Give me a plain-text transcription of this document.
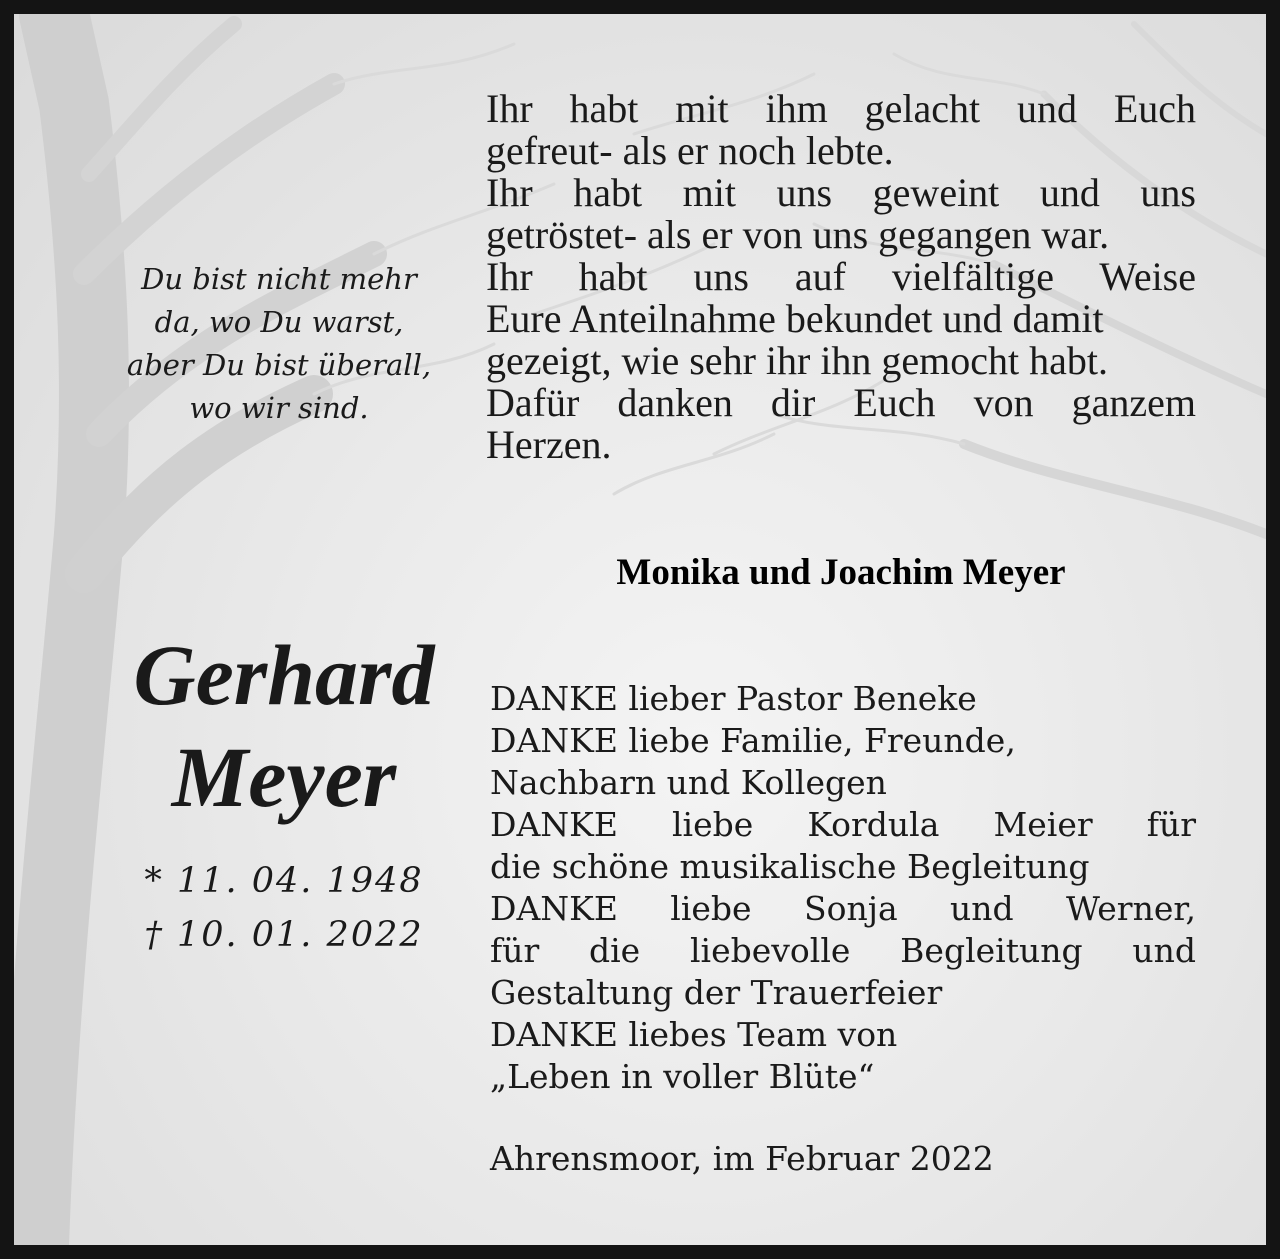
Du bist nicht mehr
da, wo Du warst,
aber Du bist überall,
wo wir sind.
Ihr habt mit ihm gelacht und Euch
gefreut- als er noch lebte.
Ihr habt mit uns geweint und uns
getröstet- als er von uns gegangen war.
Ihr habt uns auf vielfältige Weise
Eure Anteilnahme bekundet und damit
gezeigt, wie sehr ihr ihn gemocht habt.
Dafür danken dir Euch von ganzem
Herzen.
Monika und Joachim Meyer
Gerhard
Meyer
* 11. 04. 1948
† 10. 01. 2022
DANKE lieber Pastor Beneke
DANKE liebe Familie, Freunde,
Nachbarn und Kollegen
DANKE liebe Kordula Meier für
die schöne musikalische Begleitung
DANKE liebe Sonja und Werner,
für die liebevolle Begleitung und
Gestaltung der Trauerfeier
DANKE liebes Team von
„Leben in voller Blüte“
Ahrensmoor, im Februar 2022
